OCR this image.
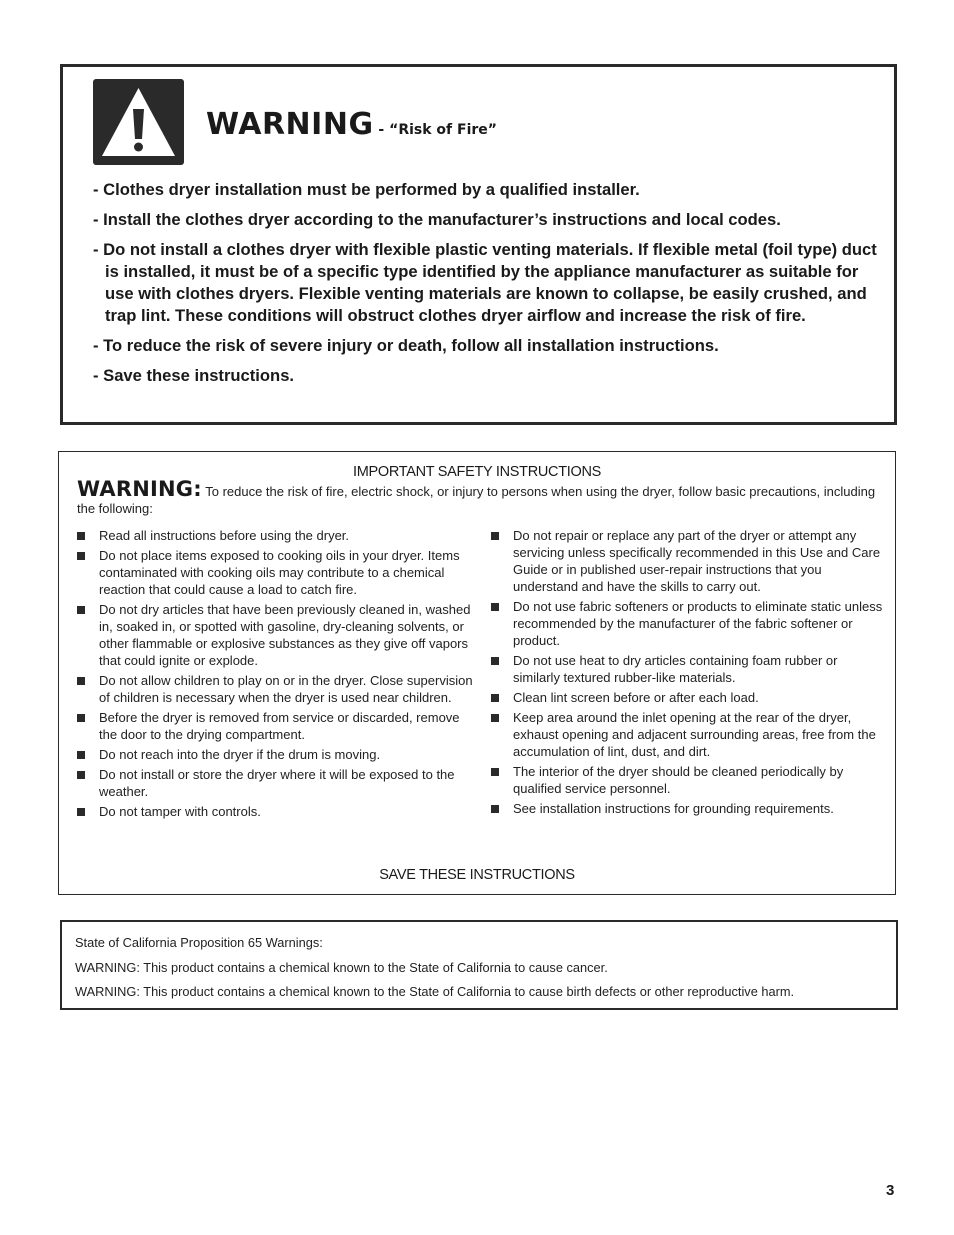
WARNING - “Risk of Fire”
- Clothes dryer installation must be performed by a qualified installer.
- Install the clothes dryer according to the manufacturer’s instructions and local codes.
- Do not install a clothes dryer with flexible plastic venting materials. If flexible metal (foil type) duct is installed, it must be of a specific type identified by the appliance manufacturer as suitable for use with clothes dryers. Flexible venting materials are known to collapse, be easily crushed, and trap lint. These conditions will obstruct clothes dryer airflow and increase the risk of fire.
- To reduce the risk of severe injury or death, follow all installation instructions.
- Save these instructions.
IMPORTANT SAFETY INSTRUCTIONS
WARNING: To reduce the risk of fire, electric shock, or injury to persons when using the dryer, follow basic precautions, including the following:
Read all instructions before using the dryer.
Do not place items exposed to cooking oils in your dryer. Items contaminated with cooking oils may contribute to a chemical reaction that could cause a load to catch fire.
Do not dry articles that have been previously cleaned in, washed in, soaked in, or spotted with gasoline, dry-cleaning solvents, or other flammable or explosive substances as they give off vapors that could ignite or explode.
Do not allow children to play on or in the dryer. Close supervision of children is necessary when the dryer is used near children.
Before the dryer is removed from service or discarded, remove the door to the drying compartment.
Do not reach into the dryer if the drum is moving.
Do not install or store the dryer where it will be exposed to the weather.
Do not tamper with controls.
Do not repair or replace any part of the dryer or attempt any servicing unless specifically recommended in this Use and Care Guide or in published user-repair instructions that you understand and have the skills to carry out.
Do not use fabric softeners or products to eliminate static unless recommended by the manufacturer of the fabric softener or product.
Do not use heat to dry articles containing foam rubber or similarly textured rubber-like materials.
Clean lint screen before or after each load.
Keep area around the inlet opening at the rear of the dryer, exhaust opening and adjacent surrounding areas, free from the accumulation of lint, dust, and dirt.
The interior of the dryer should be cleaned periodically by qualified service personnel.
See installation instructions for grounding requirements.
SAVE THESE INSTRUCTIONS
State of California Proposition 65 Warnings:
WARNING: This product contains a chemical known to the State of California to cause cancer.
WARNING: This product contains a chemical known to the State of California to cause birth defects or other reproductive harm.
3
